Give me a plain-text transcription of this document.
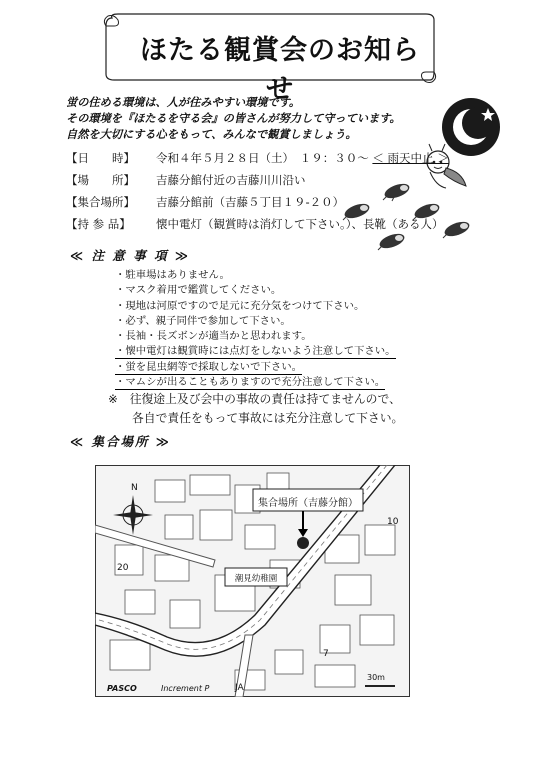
ほたる観賞会のお知らせ
蛍の住める環境は、人が住みやすい環境です。
その環境を『ほたるを守る会』の皆さんが努力して守っています。
自然を大切にする心をもって、みんなで観賞しましょう。
【日　　時】 令和４年５月２８日（土）　１９：３０～ ＜ 雨天中止 ＞
【場　　所】 吉藤分館付近の吉藤川川沿い
【集合場所】 吉藤分館前（吉藤５丁目１９-２０）
【持 参 品】 懐中電灯（観賞時は消灯して下さい。）、長靴（ある人）
≪ 注 意 事 項 ≫
・駐車場はありません。
・マスク着用で鑑賞してください。
・現地は河原ですので足元に充分気をつけて下さい。
・必ず、親子同伴で参加して下さい。
・長袖・長ズボンが適当かと思われます。
・懐中電灯は観賞時には点灯をしないよう注意して下さい。
・蛍を昆虫網等で採取しないで下さい。
・マムシが出ることもありますので充分注意して下さい。
※　 往復途上及び会中の事故の責任は持てませんので、
各自で責任をもって事故には充分注意して下さい。
≪ 集合場所 ≫
N
集合場所（吉藤分館）
潮見幼稚園
10
20
7
JA
PASCO	Increment P
30m
